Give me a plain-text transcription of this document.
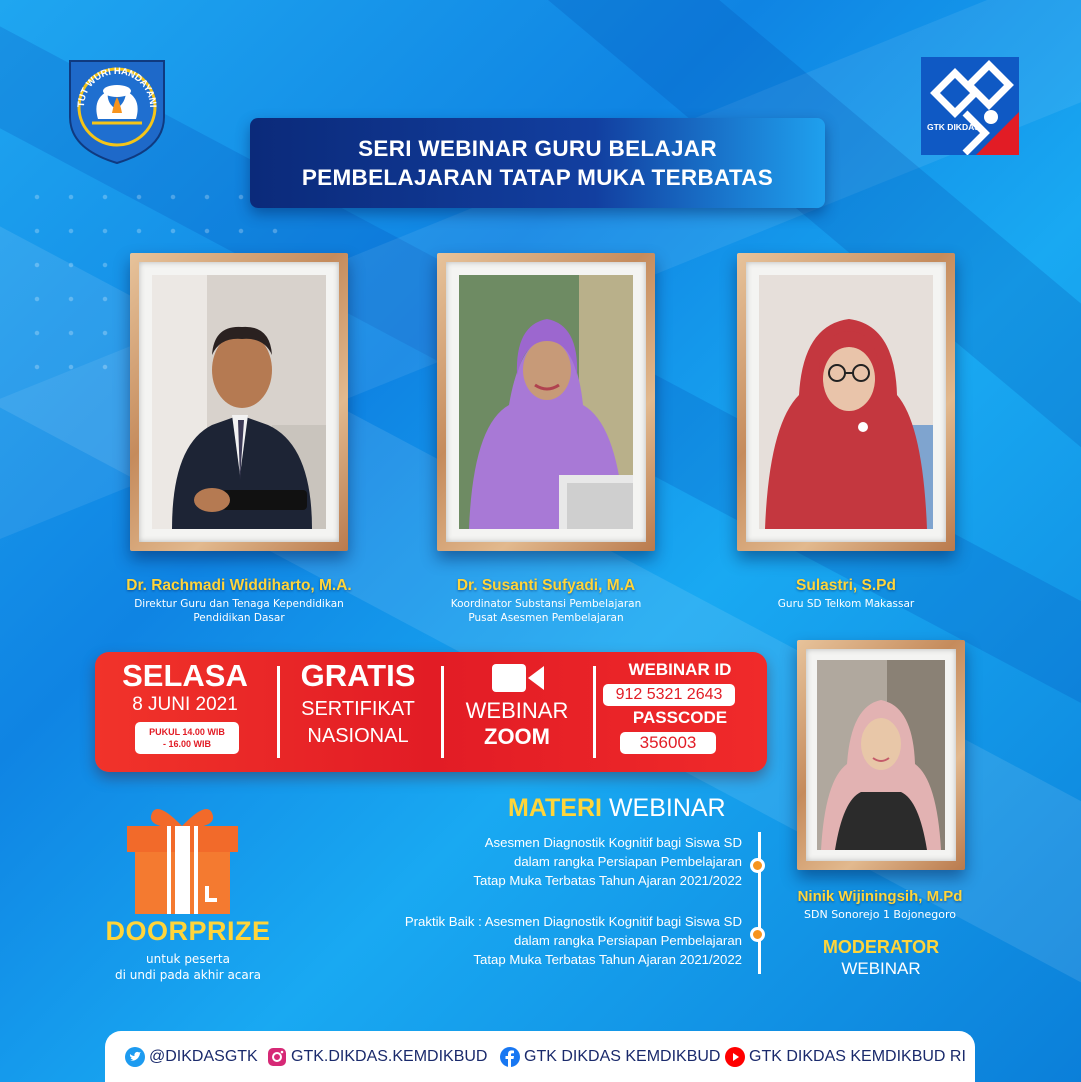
TUT WURI HANDAYANI
GTK DIKDAS
SERI WEBINAR GURU BELAJAR
PEMBELAJARAN TATAP MUKA TERBATAS
Dr. Rachmadi Widdiharto, M.A.
Direktur Guru dan Tenaga Kependidikan
Pendidikan Dasar
Dr. Susanti Sufyadi, M.A
Koordinator Substansi Pembelajaran
Pusat Asesmen Pembelajaran
Sulastri, S.Pd
Guru SD Telkom Makassar
SELASA
8 JUNI 2021
PUKUL 14.00 WIB
- 16.00 WIB
GRATIS
SERTIFIKAT
NASIONAL
WEBINAR
ZOOM
WEBINAR ID
912 5321 2643
PASSCODE
356003
Ninik Wijiningsih, M.Pd
SDN Sonorejo 1 Bojonegoro
MODERATOR
WEBINAR
MATERI WEBINAR
Asesmen Diagnostik Kognitif bagi Siswa SD
dalam rangka Persiapan Pembelajaran
Tatap Muka Terbatas Tahun Ajaran 2021/2022
Praktik Baik : Asesmen Diagnostik Kognitif bagi Siswa SD
dalam rangka Persiapan Pembelajaran
Tatap Muka Terbatas Tahun Ajaran 2021/2022
DOORPRIZE
untuk peserta
di undi pada akhir acara
@DIKDASGTK GTK.DIKDAS.KEMDIKBUD GTK DIKDAS KEMDIKBUD GTK DIKDAS KEMDIKBUD RI
